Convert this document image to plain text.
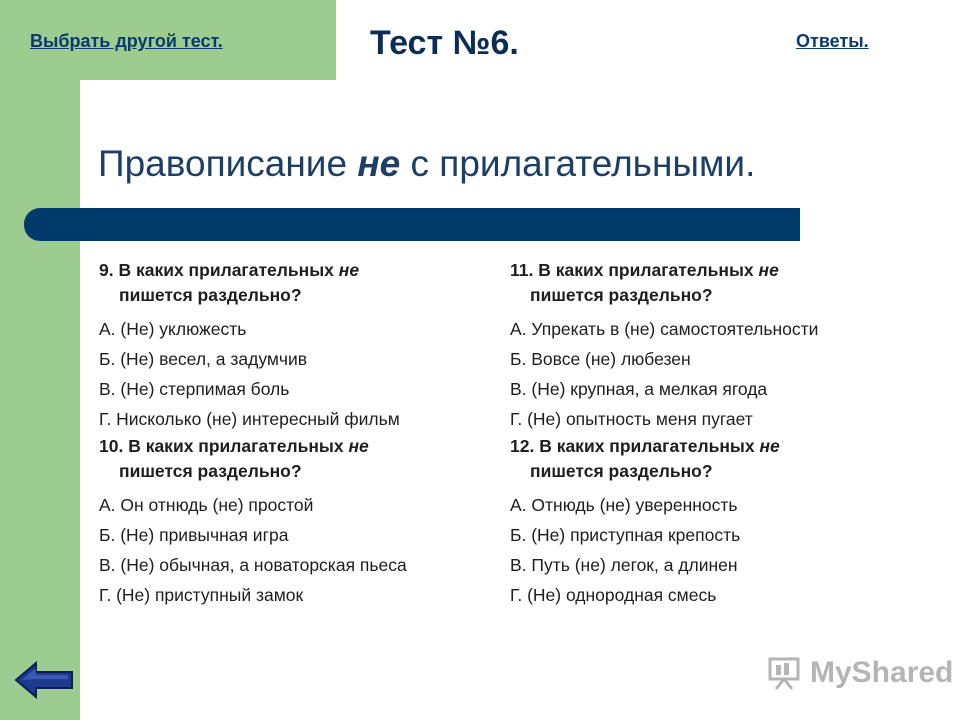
Выбрать другой тест.	Тест №6.	Ответы.
Правописание не с прилагательными.
9. В каких прилагательных не
пишется раздельно?
А. (Не) уклюжесть
Б. (Не) весел, а задумчив
В. (Не) стерпимая боль
Г. Нисколько (не) интересный фильм
10. В каких прилагательных не
пишется раздельно?
А. Он отнюдь (не) простой
Б. (Не) привычная игра
В. (Не) обычная, а новаторская пьеса
Г. (Не) приступный замок
11. В каких прилагательных не
пишется раздельно?
А. Упрекать в (не) самостоятельности
Б. Вовсе (не) любезен
В. (Не) крупная, а мелкая ягода
Г. (Не) опытность меня пугает
12. В каких прилагательных не
пишется раздельно?
А. Отнюдь (не) уверенность
Б. (Не) приступная крепость
В. Путь (не) легок, а длинен
Г. (Не) однородная смесь
MyShared
